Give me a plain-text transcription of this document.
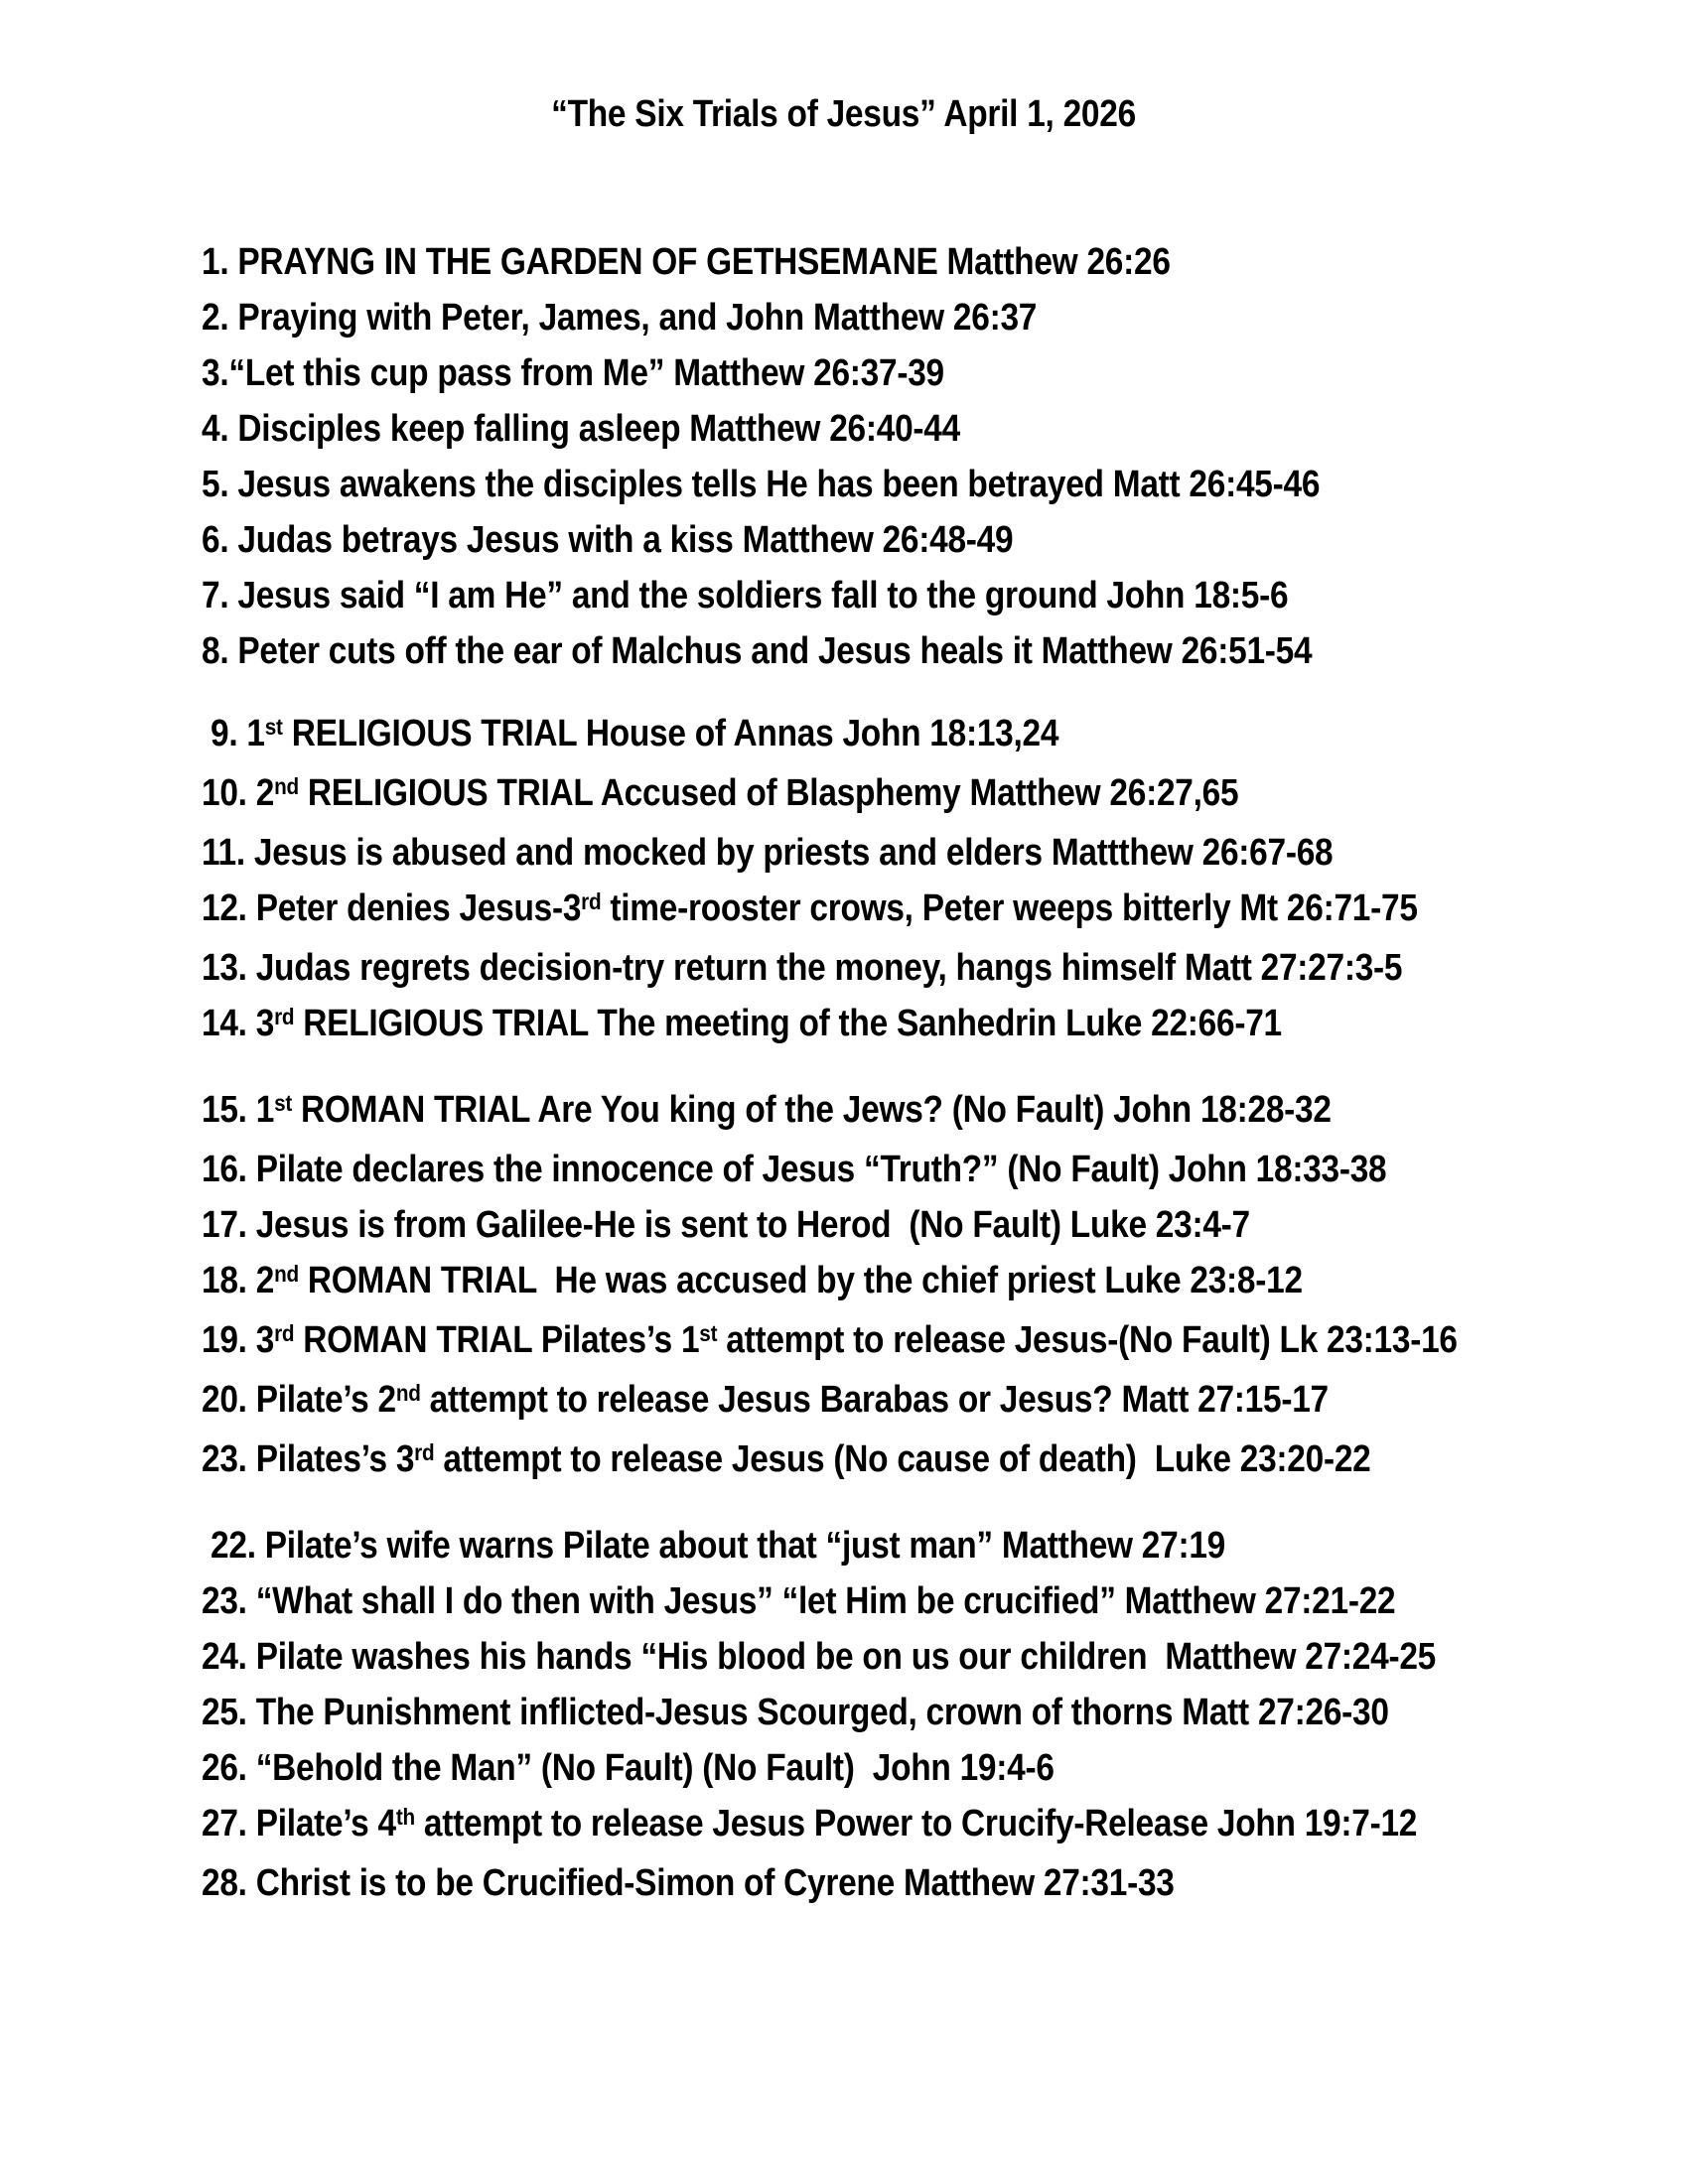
“The Six Trials of Jesus” April 1, 2026
1. PRAYNG IN THE GARDEN OF GETHSEMANE Matthew 26:26
2. Praying with Peter, James, and John Matthew 26:37
3.“Let this cup pass from Me” Matthew 26:37-39
4. Disciples keep falling asleep Matthew 26:40-44
5. Jesus awakens the disciples tells He has been betrayed Matt 26:45-46
6. Judas betrays Jesus with a kiss Matthew 26:48-49
7. Jesus said “I am He” and the soldiers fall to the ground John 18:5-6
8. Peter cuts off the ear of Malchus and Jesus heals it Matthew 26:51-54
9. 1st RELIGIOUS TRIAL House of Annas John 18:13,24
10. 2nd RELIGIOUS TRIAL Accused of Blasphemy Matthew 26:27,65
11. Jesus is abused and mocked by priests and elders Mattthew 26:67-68
12. Peter denies Jesus-3rd time-rooster crows, Peter weeps bitterly Mt 26:71-75
13. Judas regrets decision-try return the money, hangs himself Matt 27:27:3-5
14. 3rd RELIGIOUS TRIAL The meeting of the Sanhedrin Luke 22:66-71
15. 1st ROMAN TRIAL Are You king of the Jews? (No Fault) John 18:28-32
16. Pilate declares the innocence of Jesus “Truth?” (No Fault) John 18:33-38
17. Jesus is from Galilee-He is sent to Herod  (No Fault) Luke 23:4-7
18. 2nd ROMAN TRIAL  He was accused by the chief priest Luke 23:8-12
19. 3rd ROMAN TRIAL Pilates’s 1st attempt to release Jesus-(No Fault) Lk 23:13-16
20. Pilate’s 2nd attempt to release Jesus Barabas or Jesus? Matt 27:15-17
23. Pilates’s 3rd attempt to release Jesus (No cause of death)  Luke 23:20-22
22. Pilate’s wife warns Pilate about that “just man” Matthew 27:19
23. “What shall I do then with Jesus” “let Him be crucified” Matthew 27:21-22
24. Pilate washes his hands “His blood be on us our children  Matthew 27:24-25
25. The Punishment inflicted-Jesus Scourged, crown of thorns Matt 27:26-30
26. “Behold the Man” (No Fault) (No Fault)  John 19:4-6
27. Pilate’s 4th attempt to release Jesus Power to Crucify-Release John 19:7-12
28. Christ is to be Crucified-Simon of Cyrene Matthew 27:31-33
